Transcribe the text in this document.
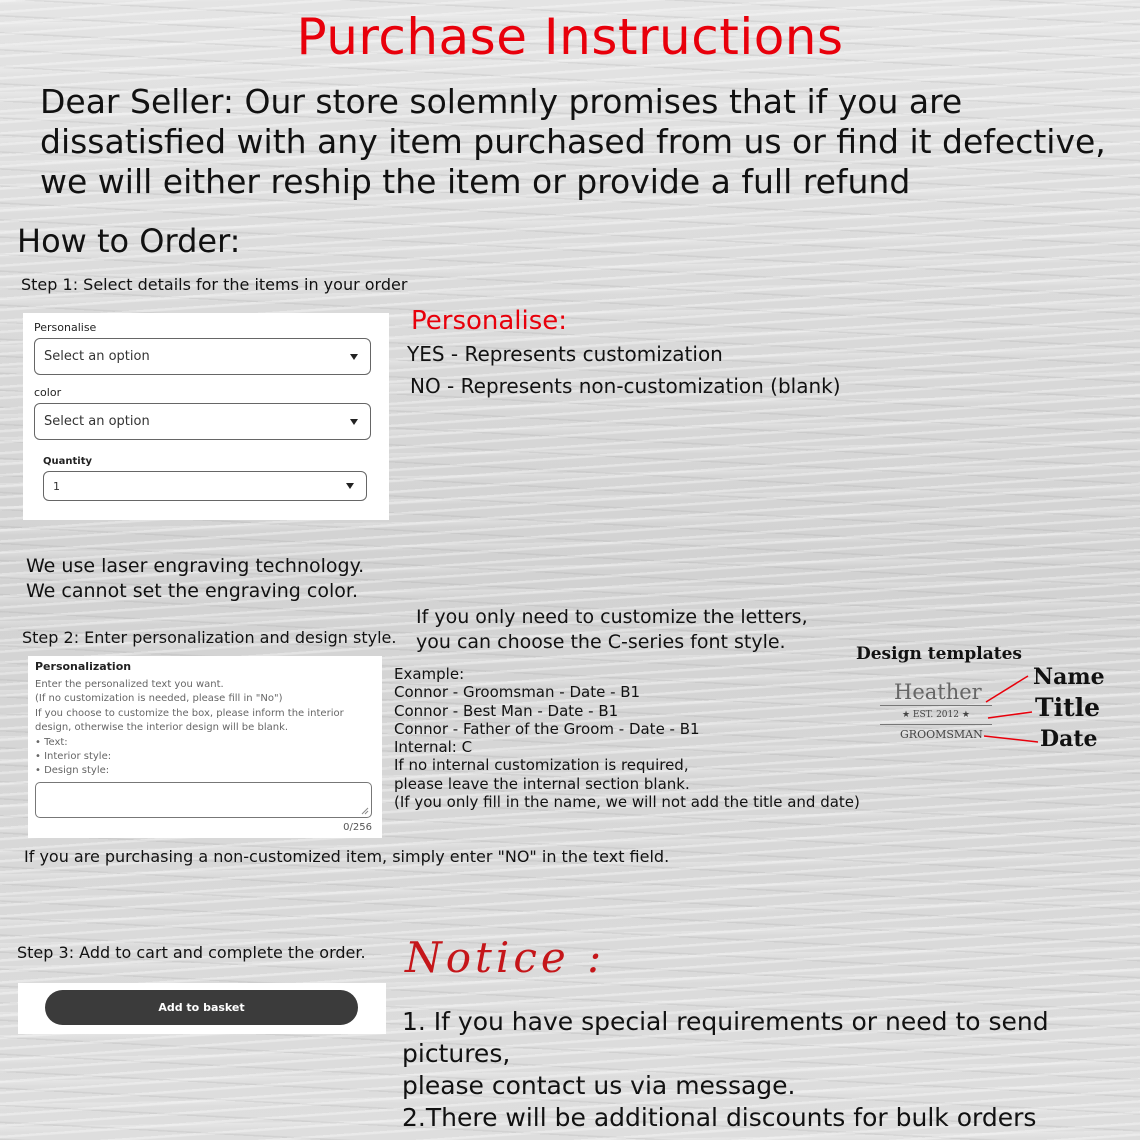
Purchase Instructions
Dear Seller: Our store solemnly promises that if you are dissatisfied with any item purchased from us or find it defective, we will either reship the item or provide a full refund
How to Order:
Step 1: Select details for the items in your order
Personalise
Select an option
color
Select an option
Quantity
1
Personalise:
YES - Represents customization
NO - Represents non-customization (blank)
We use laser engraving technology.
We cannot set the engraving color.
If you only need to customize the letters,
you can choose the C-series font style.
Step 2: Enter personalization and design style.
Personalization
Enter the personalized text you want.
(If no customization is needed, please fill in "No")
If you choose to customize the box, please inform the interior
design, otherwise the interior design will be blank.
• Text:
• Interior style:
• Design style:
0/256
Example:
Connor - Groomsman - Date - B1
Connor - Best Man - Date - B1
Connor - Father of the Groom - Date - B1
Internal: C
If no internal customization is required,
please leave the internal section blank.
(If you only fill in the name, we will not add the title and date)
Design templates
Heather
★ EST. 2012 ★
GROOMSMAN
Name
Title
Date
If you are purchasing a non-customized item, simply enter "NO" in the text field.
Step 3: Add to cart and complete the order.
Add to basket
Notice :
1. If you have special requirements or need to send pictures,
please contact us via message.
2.There will be additional discounts for bulk orders
